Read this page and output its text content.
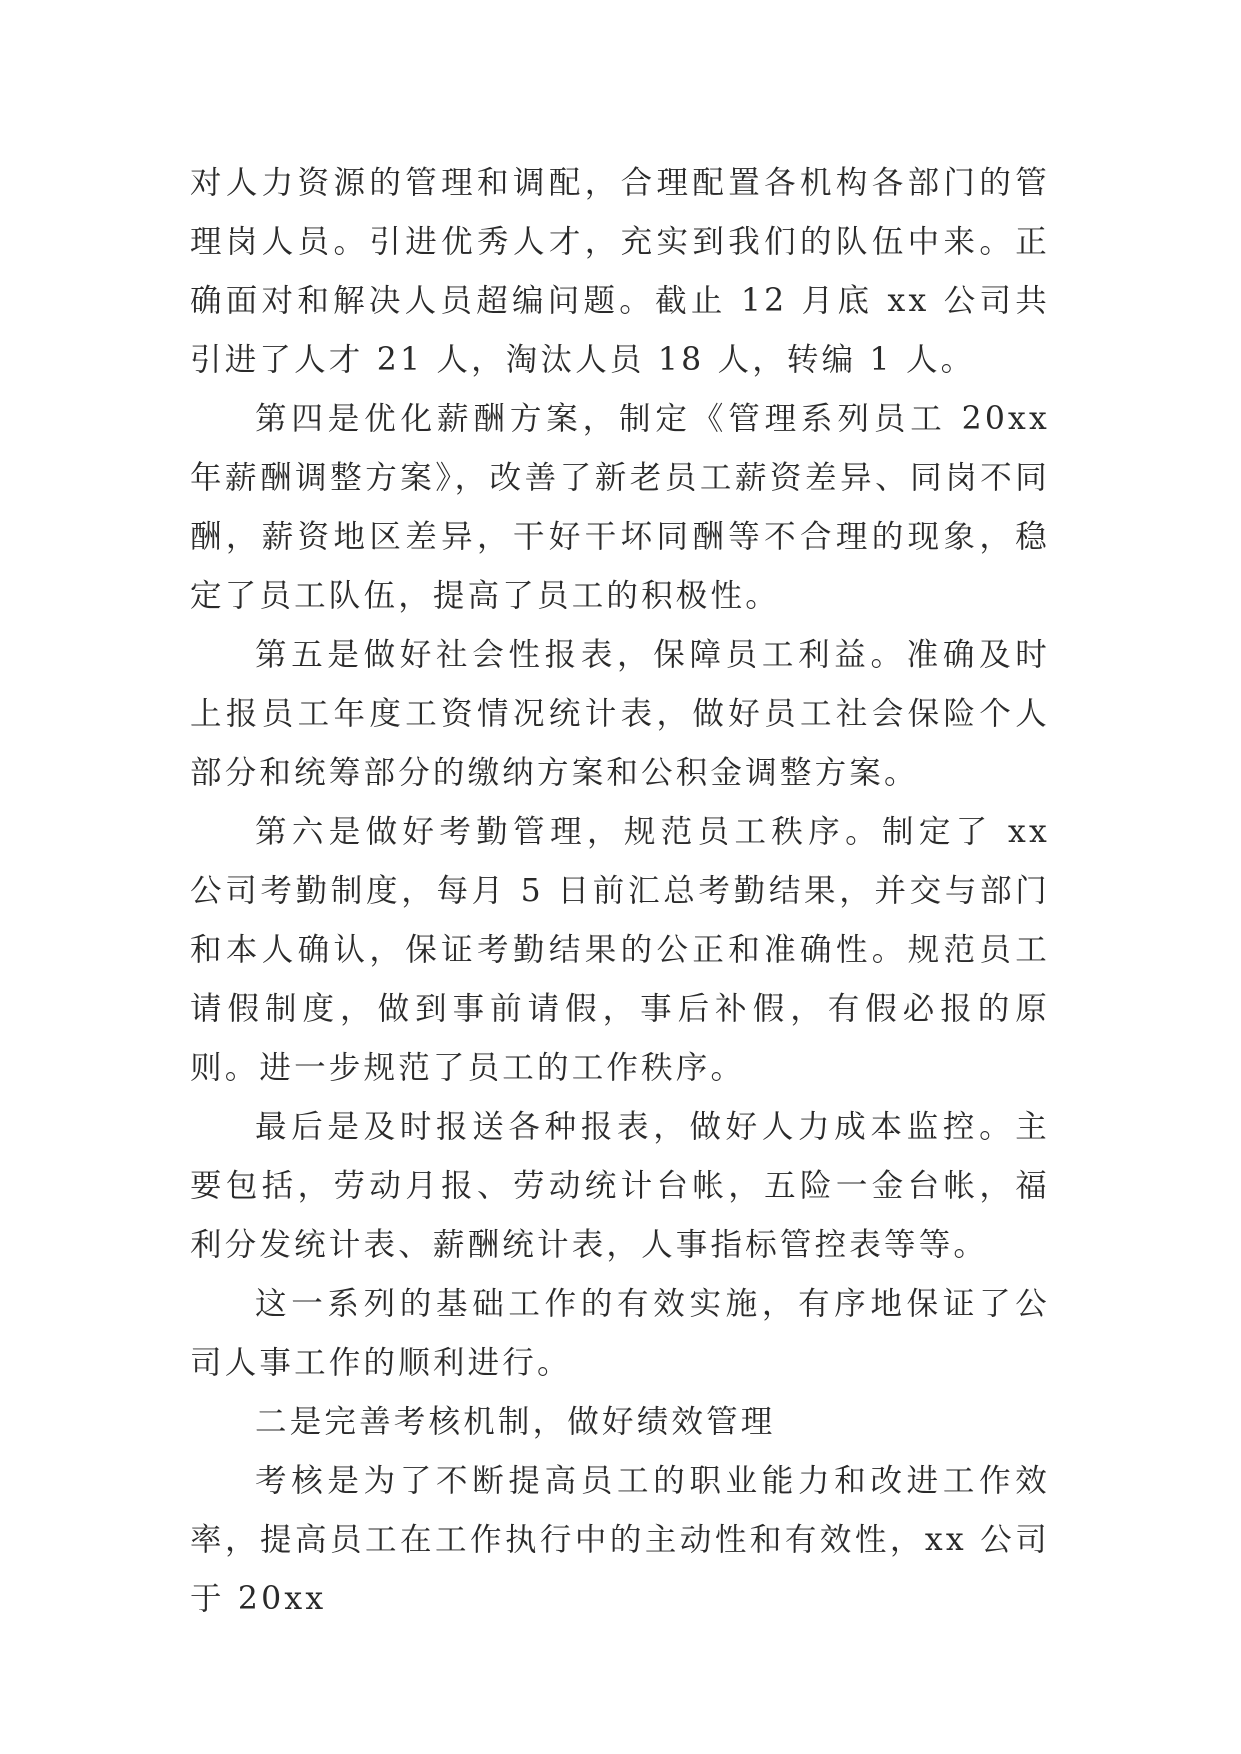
对人力资源的管理和调配，合理配置各机构各部门的管理岗人员。引进优秀人才，充实到我们的队伍中来。正确面对和解决人员超编问题。截止 12 月底 xx 公司共引进了人才 21 人，淘汰人员 18 人，转编 1 人。

第四是优化薪酬方案，制定《管理系列员工 20xx 年薪酬调整方案》，改善了新老员工薪资差异、同岗不同酬，薪资地区差异，干好干坏同酬等不合理的现象，稳定了员工队伍，提高了员工的积极性。

第五是做好社会性报表，保障员工利益。准确及时上报员工年度工资情况统计表，做好员工社会保险个人部分和统筹部分的缴纳方案和公积金调整方案。

第六是做好考勤管理，规范员工秩序。制定了 xx 公司考勤制度，每月 5 日前汇总考勤结果，并交与部门和本人确认，保证考勤结果的公正和准确性。规范员工请假制度，做到事前请假，事后补假，有假必报的原则。进一步规范了员工的工作秩序。

最后是及时报送各种报表，做好人力成本监控。主要包括，劳动月报、劳动统计台帐，五险一金台帐，福利分发统计表、薪酬统计表，人事指标管控表等等。

这一系列的基础工作的有效实施，有序地保证了公司人事工作的顺利进行。

二是完善考核机制，做好绩效管理

考核是为了不断提高员工的职业能力和改进工作效率，提高员工在工作执行中的主动性和有效性，xx 公司于 20xx
